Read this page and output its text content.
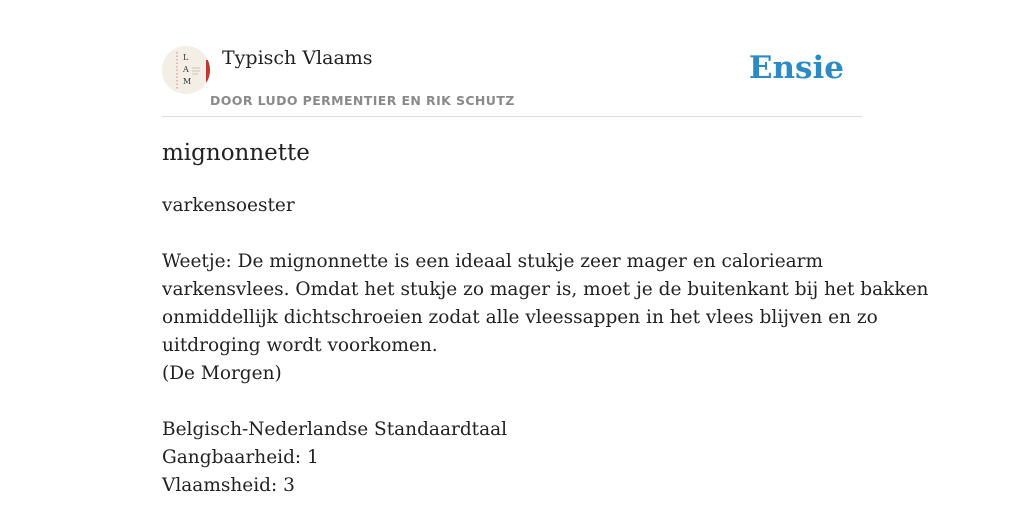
L
A
M
Typisch Vlaams
DOOR LUDO PERMENTIER EN RIK SCHUTZ
Ensie
mignonnette
varkensoester
Weetje: De mignonnette is een ideaal stukje zeer mager en caloriearm
varkensvlees. Omdat het stukje zo mager is, moet je de buitenkant bij het bakken
onmiddellijk dichtschroeien zodat alle vleessappen in het vlees blijven en zo
uitdroging wordt voorkomen.
(De Morgen)
Belgisch-Nederlandse Standaardtaal
Gangbaarheid: 1
Vlaamsheid: 3
